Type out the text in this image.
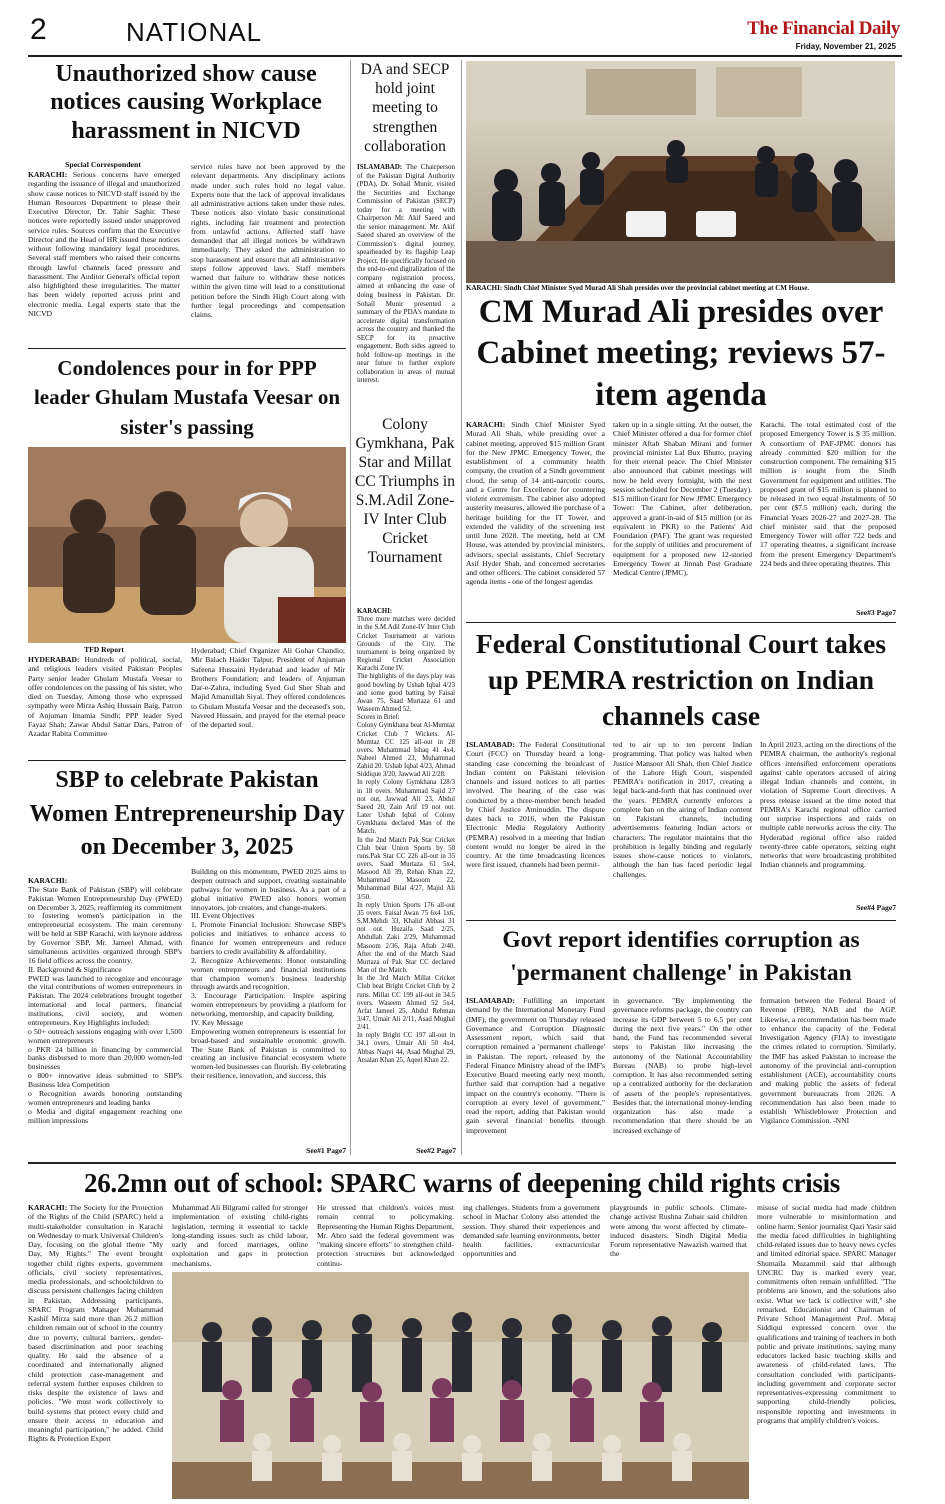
2	NATIONAL	The Financial Daily
Friday, November 21, 2025
Unauthorized show cause notices causing Workplace harassment in NICVD
Special Correspondent
KARACHI: Serious concerns have emerged regarding the issuance of illegal and unauthorized show cause notices to NICVD staff issued by the Human Resources Department to please their Executive Director, Dr. Tahir Saghir. These notices were reportedly issued under unapproved service rules. Sources confirm that the Executive Director and the Head of HR issued these notices without following mandatory legal procedures. Several staff members who raised their concerns through lawful channels faced pressure and harassment. The Auditor General's official report also highlighted these irregularities. The matter has been widely reported across print and electronic media. Legal experts state that the NICVD
service rules have not been approved by the relevant departments. Any disciplinary actions made under such rules hold no legal value. Experts note that the lack of approval invalidates all administrative actions taken under these rules. These notices also violate basic constitutional rights, including fair treatment and protection from unlawful actions. Affected staff have demanded that all illegal notices be withdrawn immediately. They asked the administration to stop harassment and ensure that all administrative steps follow approved laws. Staff members warned that failure to withdraw these notices within the given time will lead to a constitutional petition before the Sindh High Court along with further legal proceedings and compensation claims.
DA and SECP hold joint meeting to strengthen collaboration
ISLAMABAD: The Chairperson of the Pakistan Digital Authority (PDA), Dr. Sohail Munir, visited the Securities and Exchange Commission of Pakistan (SECP) today for a meeting with Chairperson Mr. Akif Saeed and the senior management. Mr. Akif Saeed shared an overview of the Commission's digital journey, spearheaded by its flagship Leap Project. He specifically focused on the end-to-end digitalization of the company registration process, aimed at enhancing the ease of doing business in Pakistan. Dr. Sohail Munir presented a summary of the PDA's mandate to accelerate digital transformation across the country and thanked the SECP for its proactive engagement. Both sides agreed to hold follow-up meetings in the near future to further explore collaboration in areas of mutual interest.
Colony Gymkhana, Pak Star and Millat CC Triumphs in S.M.Adil Zone-IV Inter Club Cricket Tournament

KARACHI:
Three more matches were decided in the S.M.Adil Zone-IV Inter Club Cricket Tournament at various Grounds of the City. The tournament is being organized by Regional Cricket Association Karachi Zone IV.
The highlights of the days play was good bowling by Ushab Iqbal 4/23 and some good batting by Faisal Awan 75, Saad Murtaza 61 and Waseem Ahmed 52.
Scores in Brief:
Colony Gymkhana beat Al-Mumtaz Cricket Club 7 Wickets. Al-Mumtaz CC 125 all-out in 28 overs. Muhammad Ishaq 41 4x4, Nabeel Ahmed 23, Muhammad Zahid 20. Ushab Iqbal 4/23, Ahmad Siddique 3/20, Jawwad Ali 2/28.
In reply Colony Gymkhana 128/3 in 18 overs. Muhammad Sajid 27 not out, Jawwad Ali 23, Abdul Saeed 20, Zain Arif 19 not out. Later Ushab Iqbal of Colony Gymkhana declared Man of the Match.
In the 2nd Match Pak Star Cricket Club beat Union Sports by 50 runs.Pak Star CC 226 all-out in 35 overs. Saad Murtaza 61 5x4, Masood Ali 39, Rehan Khan 22, Muhammad Masoom 22, Muhammad Bilal 4/27, Majid Ali 3/50.
In reply Union Sports 176 all-out 35 overs. Faisal Awan 75 6x4 1x6, S.M.Mehdi 33, Khalid Abbasi 31 not out. Huzaifa Saad 2/25, Abdullah Zaki 2/29, Muhammad Masoom 2/36, Raja Aftab 2/40. After the end of the Match Saad Murtaza of Pak Star CC declared Man of the Match.
In the 3rd Match Millat Cricket Club beat Bright Cricket Club by 2 runs. Millat CC 199 all-out in 34.5 overs. Waseem Ahmed 52 5x4, Arfat Jameel 25, Abdul Rehman 3/47, Umair Ali 2/11, Asad Mughal 2/41.
In reply Bright CC 197 all-out in 34.1 overs. Umair Ali 50 4x4, Abbas Naqvi 44, Asad Mughal 29, Arsalan Khan 25, Aqeel Khan 22.

See#2 Page7
KARACHI: Sindh Chief Minister Syed Murad Ali Shah presides over the provincial cabinet meeting at CM House.
CM Murad Ali presides over Cabinet meeting; reviews 57-item agenda
KARACHI: Sindh Chief Minister Syed Murad Ali Shah, while presiding over a cabinet meeting, approved $15 million Grant for the New JPMC Emergency Tower, the establishment of a community health company, the creation of a Sindh government cloud, the setup of 14 anti-narcotic courts, and a Centre for Excellence for countering violent extremism. The cabinet also adopted austerity measures, allowed the purchase of a heritage building for the IT Tower, and extended the validity of the screening test until June 2028. The meeting, held at CM House, was attended by provincial ministers, advisors, special assistants, Chief Secretary Asif Hyder Shah, and concerned secretaries and other officers. The cabinet considered 57 agenda items - one of the longest agendas
taken up in a single sitting. At the outset, the Chief Minister offered a dua for former chief minister Aftab Shaban Mirani and former provincial minister Lal Bux Bhutto, praying for their eternal peace. The Chief Minister also announced that cabinet meetings will now be held every fortnight, with the next session scheduled for December 2 (Tuesday). $15 million Grant for New JPMC Emergency Tower: The Cabinet, after deliberation, approved a grant-in-aid of $15 million (or its equivalent in PKR) to the Patients' Aid Foundation (PAF). The grant was requested for the supply of utilities and procurement of equipment for a proposed new 12-storied Emergency Tower at Jinnah Post Graduate Medical Centre (JPMC),
Karachi. The total estimated cost of the proposed Emergency Tower is $ 35 million. A consortium of PAF-JPMC donors has already committed $20 million for the construction component. The remaining $15 million is sought from the Sindh Government for equipment and utilities. The proposed grant of $15 million is planned to be released in two equal instalments of 50 per cent ($7.5 million) each, during the Financial Years 2026-27 and 2027-28. The chief minister said that the proposed Emergency Tower will offer 722 beds and 17 operating theatres, a significant increase from the present Emergency Department's 224 beds and three operating theatres. This
See#3 Page7
Condolences pour in for PPP leader Ghulam Mustafa Veesar on sister's passing
TFD Report
HYDERABAD: Hundreds of political, social, and religious leaders visited Pakistan Peoples Party senior leader Ghulam Mustafa Veesar to offer condolences on the passing of his sister, who died on Tuesday. Among those who expressed sympathy were Mirza Ashiq Hussain Baig, Patron of Anjuman Imamia Sindh; PPP leader Syed Fayaz Shah; Zawar Abdul Sattar Dars, Patron of Azadar Rabita Committee
Hyderabad; Chief Organizer Ali Gohar Chandio; Mir Balach Haider Talpur, President of Anjuman Safeena Hussaini Hyderabad and leader of Mir Brothers Foundation; and leaders of Anjuman Dar-e-Zahra, including Syed Gul Sher Shah and Majid Amanullah Siyal. They offered condolences to Ghulam Mustafa Veesar and the deceased's son, Naveed Hussain, and prayed for the eternal peace of the departed soul.
Federal Constitutional Court takes up PEMRA restriction on Indian channels case
ISLAMABAD: The Federal Constitutional Court (FCC) on Thursday heard a long-standing case concerning the broadcast of Indian content on Pakistani television channels and issued notices to all parties involved. The hearing of the case was conducted by a three-member bench headed by Chief Justice Aminuddin. The dispute dates back to 2016, when the Pakistan Electronic Media Regulatory Authority (PEMRA) resolved in a meeting that Indian content would no longer be aired in the country. At the time broadcasting licences were first issued, channels had been permit-
ted to air up to ten percent Indian programming. That policy was halted when Justice Mansoor Ali Shah, then Chief Justice of the Lahore High Court, suspended PEMRA's notification in 2017, creating a legal back-and-forth that has continued over the years. PEMRA currently enforces a complete ban on the airing of Indian content on Pakistani channels, including advertisements featuring Indian actors or characters. The regulator maintains that the prohibition is legally binding and regularly issues show-cause notices to violators, although the ban has faced periodic legal challenges.
In April 2023, acting on the directions of the PEMRA chairman, the authority's regional offices intensified enforcement operations against cable operators accused of airing illegal Indian channels and content, in violation of Supreme Court directives. A press release issued at the time noted that PEMRA's Karachi regional office carried out surprise inspections and raids on multiple cable networks across the city. The Hyderabad regional office also raided twenty-three cable operators, seizing eight networks that were broadcasting prohibited Indian channels and programming.
See#4 Page7
SBP to celebrate Pakistan Women Entrepreneurship Day on December 3, 2025

KARACHI:
The State Bank of Pakistan (SBP) will celebrate Pakistan Women Entrepreneurship Day (PWED) on December 3, 2025, reaffirming its commitment to fostering women's participation in the entrepreneurial ecosystem. The main ceremony will be held at SBP Karachi, with keynote address by Governor SBP, Mr. Jameel Ahmad, with simultaneous activities organized through SBP's 16 field offices across the country.
II. Background & Significance
PWED was launched to recognize and encourage the vital contributions of women entrepreneurs in Pakistan. The 2024 celebrations brought together international and local partners, financial institutions, civil society, and women entrepreneurs. Key Highlights included:
o 50+ outreach sessions engaging with over 1,500 women entrepreneurs
o PKR 24 billion in financing by commercial banks disbursed to more than 20,000 women-led businesses
o 800+ innovative ideas submitted to SBP's Business Idea Competition
o Recognition awards honoring outstanding women entrepreneurs and leading banks
o Media and digital engagement reaching one million impressions

Building on this momentum, PWED 2025 aims to deepen outreach and support, creating sustainable pathways for women in business. As a part of a global initiative PWED also honors women innovators, job creators, and change-makers.
III. Event Objectives
1. Promote Financial Inclusion: Showcase SBP's policies and initiatives to enhance access to finance for women entrepreneurs and reduce barriers to credit availability & affordability.
2. Recognize Achievements: Honor outstanding women entrepreneurs and financial institutions that champion women's business leadership through awards and recognition.
3. Encourage Participation: Inspire aspiring women entrepreneurs by providing a platform for networking, mentorship, and capacity building.
IV. Key Message
Empowering women entrepreneurs is essential for broad-based and sustainable economic growth. The State Bank of Pakistan is committed to creating an inclusive financial ecosystem where women-led businesses can flourish. By celebrating their resilience, innovation, and success, this
See#1 Page7
Govt report identifies corruption as 'permanent challenge' in Pakistan
ISLAMABAD: Fulfilling an important demand by the International Monetary Fund (IMF), the government on Thursday released Governance and Corruption Diagnostic Assessment report, which said that corruption remained a 'permanent challenge' in Pakistan. The report, released by the Federal Finance Ministry ahead of the IMF's Executive Board meeting early next month, further said that corruption had a negative impact on the country's economy. "There is corruption at every level of government," read the report, adding that Pakistan would gain several financial benefits through improvement
in governance. "By implementing the governance reforms package, the country can increase its GDP between 5 to 6.5 per cent during the next five years." On the other hand, the Fund has recommended several steps to Pakistan like increasing the autonomy of the National Accountability Bureau (NAB) to probe high-level corruption. It has also recommended setting up a centralized authority for the declaration of assets of the people's representatives. Besides that, the international money-lending organization has also made a recommendation that there should be an increased exchange of
formation between the Federal Board of Revenue (FBR), NAB and the AGP. Likewise, a recommendation has been made to enhance the capacity of the Federal Investigation Agency (FIA) to investigate the crimes related to corruption. Similarly, the IMF has asked Pakistan to increase the autonomy of the provincial anti-corruption establishment (ACE), accountability courts and making public the assets of federal government bureaucrats from 2026. A recommendation has also been made to establish Whistleblower Protection and Vigilance Commission. -NNI
26.2mn out of school: SPARC warns of deepening child rights crisis
KARACHI: The Society for the Protection of the Rights of the Child (SPARC) held a multi-stakeholder consultation in Karachi on Wednesday to mark Universal Children's Day, focusing on the global theme "My Day, My Rights." The event brought together child rights experts, government officials, civil society representatives, media professionals, and schoolchildren to discuss persistent challenges facing children in Pakistan. Addressing participants, SPARC Program Manager Muhammad Kashif Mirza said more than 26.2 million children remain out of school in the country due to poverty, cultural barriers, gender-based discrimination and poor teaching quality. He said the absence of a coordinated and internationally aligned child protection case-management and referral system further exposes children to risks despite the existence of laws and policies. "We must work collectively to build systems that protect every child and ensure their access to education and meaningful participation," he added. Child Rights & Protection Expert
Muhammad Ali Bilgrami called for stronger implementation of existing child-rights legislation, terming it essential to tackle long-standing issues such as child labour, early and forced marriages, online exploitation and gaps in protection mechanisms.
He stressed that children's voices must remain central to policymaking. Representing the Human Rights Department, Mr. Abro said the federal government was "making sincere efforts" to strengthen child-protection structures but acknowledged continu-
ing challenges. Students from a government school in Machar Colony also attended the session. They shared their experiences and demanded safe learning environments, better health facilities, extracurricular opportunities and
playgrounds in public schools. Climate-change activist Rushna Zubair said children were among the worst affected by climate-induced disasters. Sindh Digital Media Forum representative Nawazish warned that the
misuse of social media had made children more vulnerable to misinformation and online harm. Senior journalist Qazi Yasir said the media faced difficulties in highlighting child-related issues due to heavy news cycles and limited editorial space. SPARC Manager Shumaila Muzammil said that although UNCRC Day is marked every year, commitments often remain unfulfilled. "The problems are known, and the solutions also exist. What we lack is collective will," she remarked. Educationist and Chairman of Private School Management Prof. Meraj Siddiqui expressed concern over the qualifications and training of teachers in both public and private institutions, saying many educators lacked basic teaching skills and awareness of child-related laws. The consultation concluded with participants-including government and corporate sector representatives-expressing commitment to supporting child-friendly policies, responsible reporting and investments in programs that amplify children's voices.
